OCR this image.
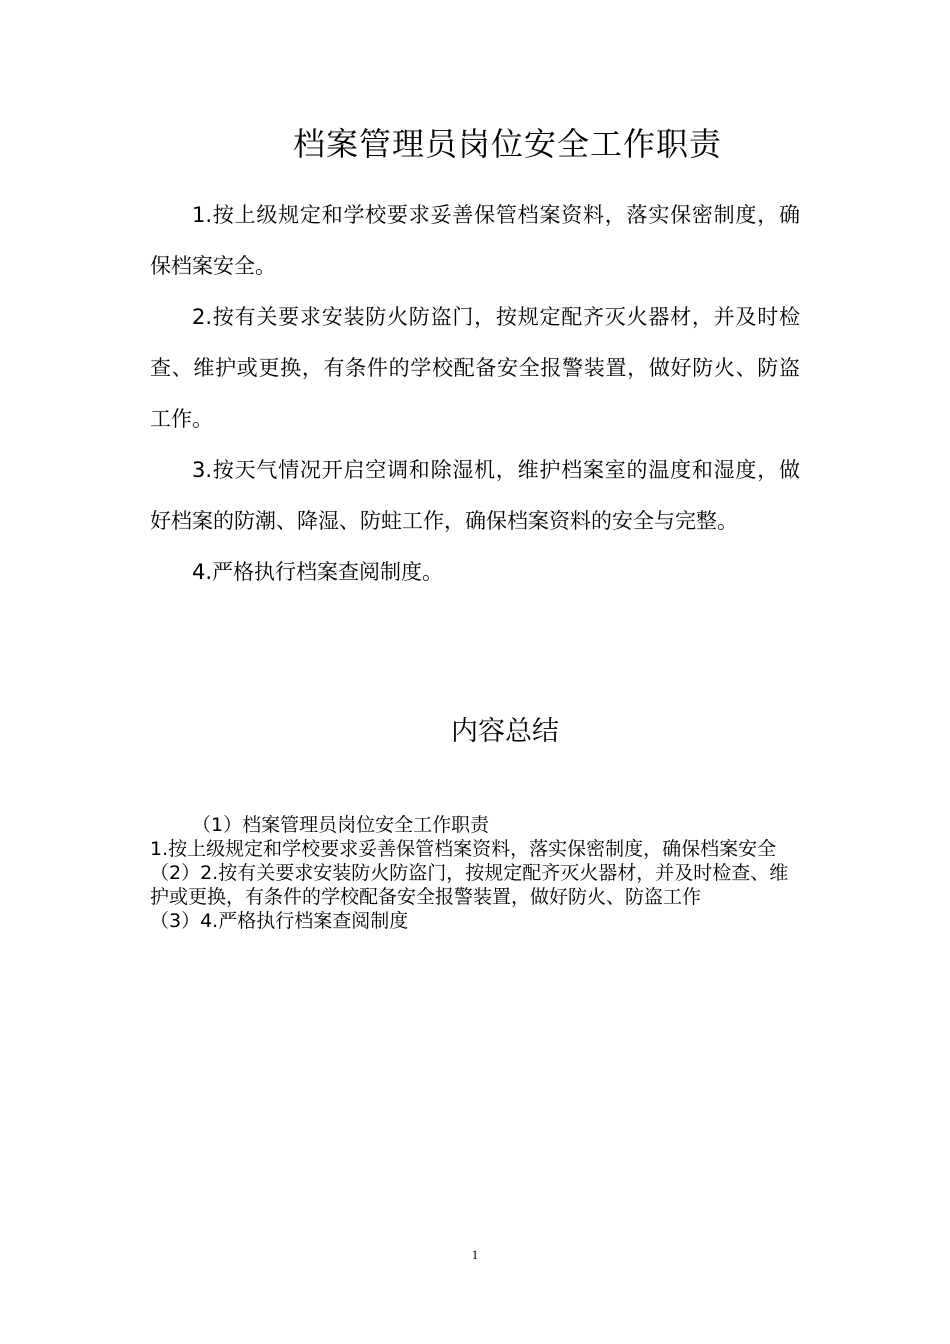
档案管理员岗位安全工作职责

1.按上级规定和学校要求妥善保管档案资料，落实保密制度，确保档案安全。

2.按有关要求安装防火防盗门，按规定配齐灭火器材，并及时检查、维护或更换，有条件的学校配备安全报警装置，做好防火、防盗工作。

3.按天气情况开启空调和除湿机，维护档案室的温度和湿度，做好档案的防潮、降湿、防蛀工作，确保档案资料的安全与完整。

4.严格执行档案查阅制度。

内容总结

（1）档案管理员岗位安全工作职责

1.按上级规定和学校要求妥善保管档案资料，落实保密制度，确保档案安全

（2）2.按有关要求安装防火防盗门，按规定配齐灭火器材，并及时检查、维护或更换，有条件的学校配备安全报警装置，做好防火、防盗工作

（3）4.严格执行档案查阅制度

1
